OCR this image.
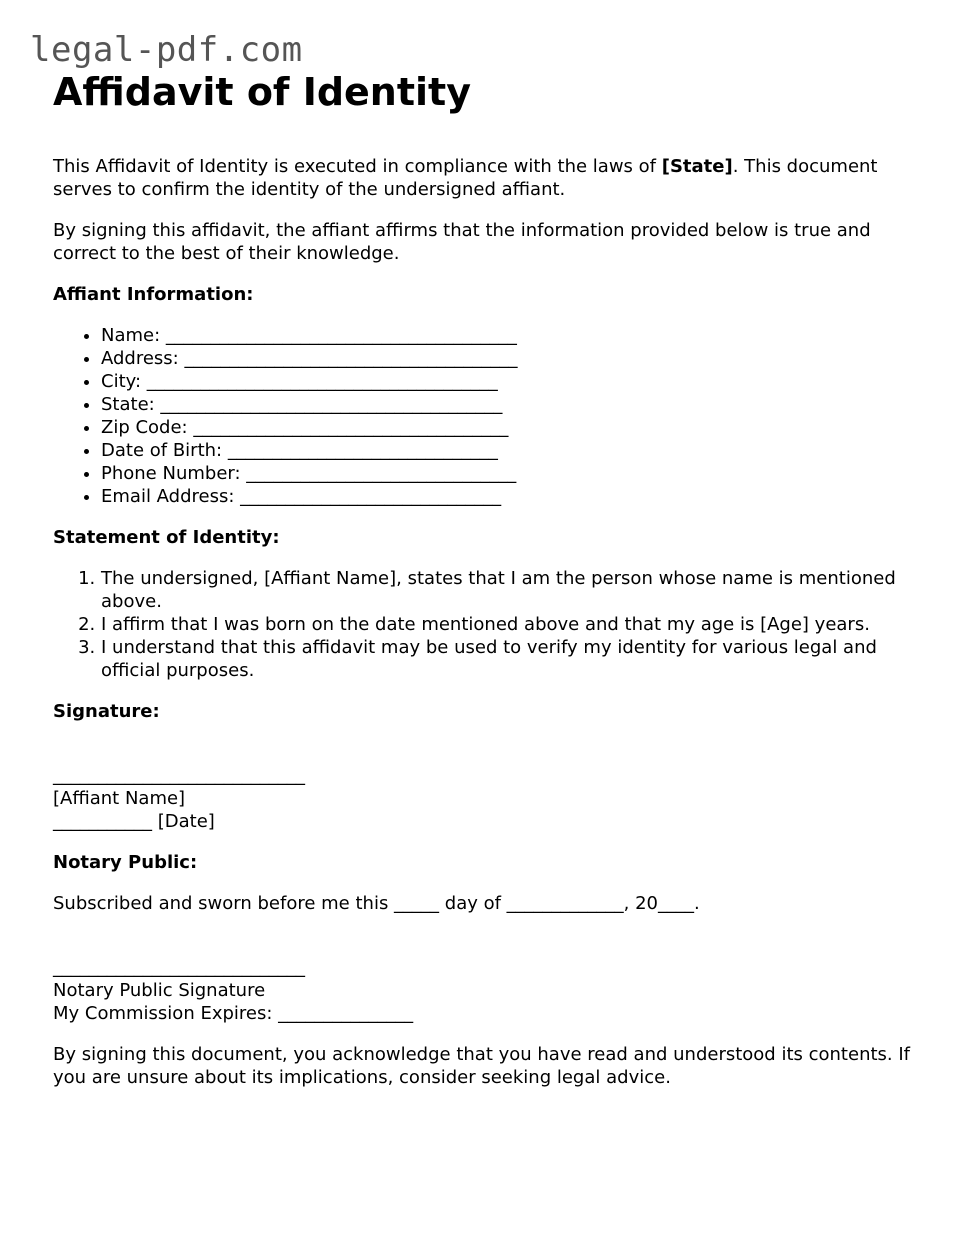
legal-pdf.com
Affidavit of Identity

This Affidavit of Identity is executed in compliance with the laws of [State]. This document serves to confirm the identity of the undersigned affiant.

By signing this affidavit, the affiant affirms that the information provided below is true and correct to the best of their knowledge.

Affiant Information:
• Name: _______________________________________
• Address: _____________________________________
• City: _______________________________________
• State: ______________________________________
• Zip Code: ___________________________________
• Date of Birth: ______________________________
• Phone Number: ______________________________
• Email Address: _____________________________
Statement of Identity:
1. The undersigned, [Affiant Name], states that I am the person whose name is mentioned above.
2. I affirm that I was born on the date mentioned above and that my age is [Age] years.
3. I understand that this affidavit may be used to verify my identity for various legal and official purposes.
Signature:
____________________________
[Affiant Name]
___________ [Date]
Notary Public:

Subscribed and sworn before me this _____ day of _____________, 20____.

____________________________
Notary Public Signature
My Commission Expires: _______________

By signing this document, you acknowledge that you have read and understood its contents. If you are unsure about its implications, consider seeking legal advice.
